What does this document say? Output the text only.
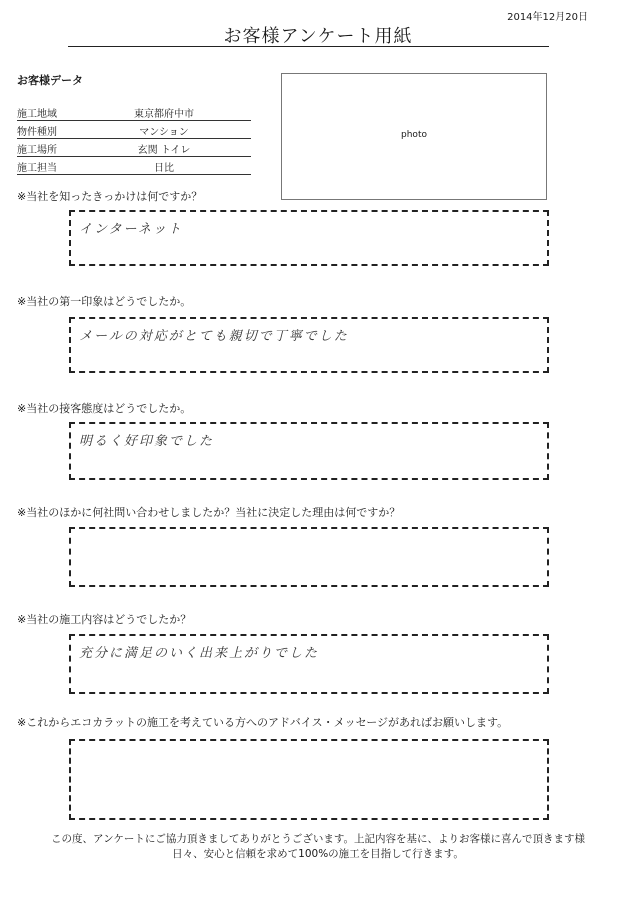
2014年12月20日
お客様アンケート用紙
お客様データ
施工地域	東京都府中市
物件種別	マンション
施工場所	玄関 トイレ
施工担当	日比
photo
※当社を知ったきっかけは何ですか？
インターネット
※当社の第一印象はどうでしたか。
メールの対応がとても親切で丁寧でした
※当社の接客態度はどうでしたか。
明るく好印象でした
※当社のほかに何社問い合わせしましたか？当社に決定した理由は何ですか？
※当社の施工内容はどうでしたか？
充分に満足のいく出来上がりでした
※これからエコカラットの施工を考えている方へのアドバイス・メッセージがあればお願いします。
この度、アンケートにご協力頂きましてありがとうございます。上記内容を基に、よりお客様に喜んで頂きます様
日々、安心と信頼を求めて100%の施工を目指して行きます。
